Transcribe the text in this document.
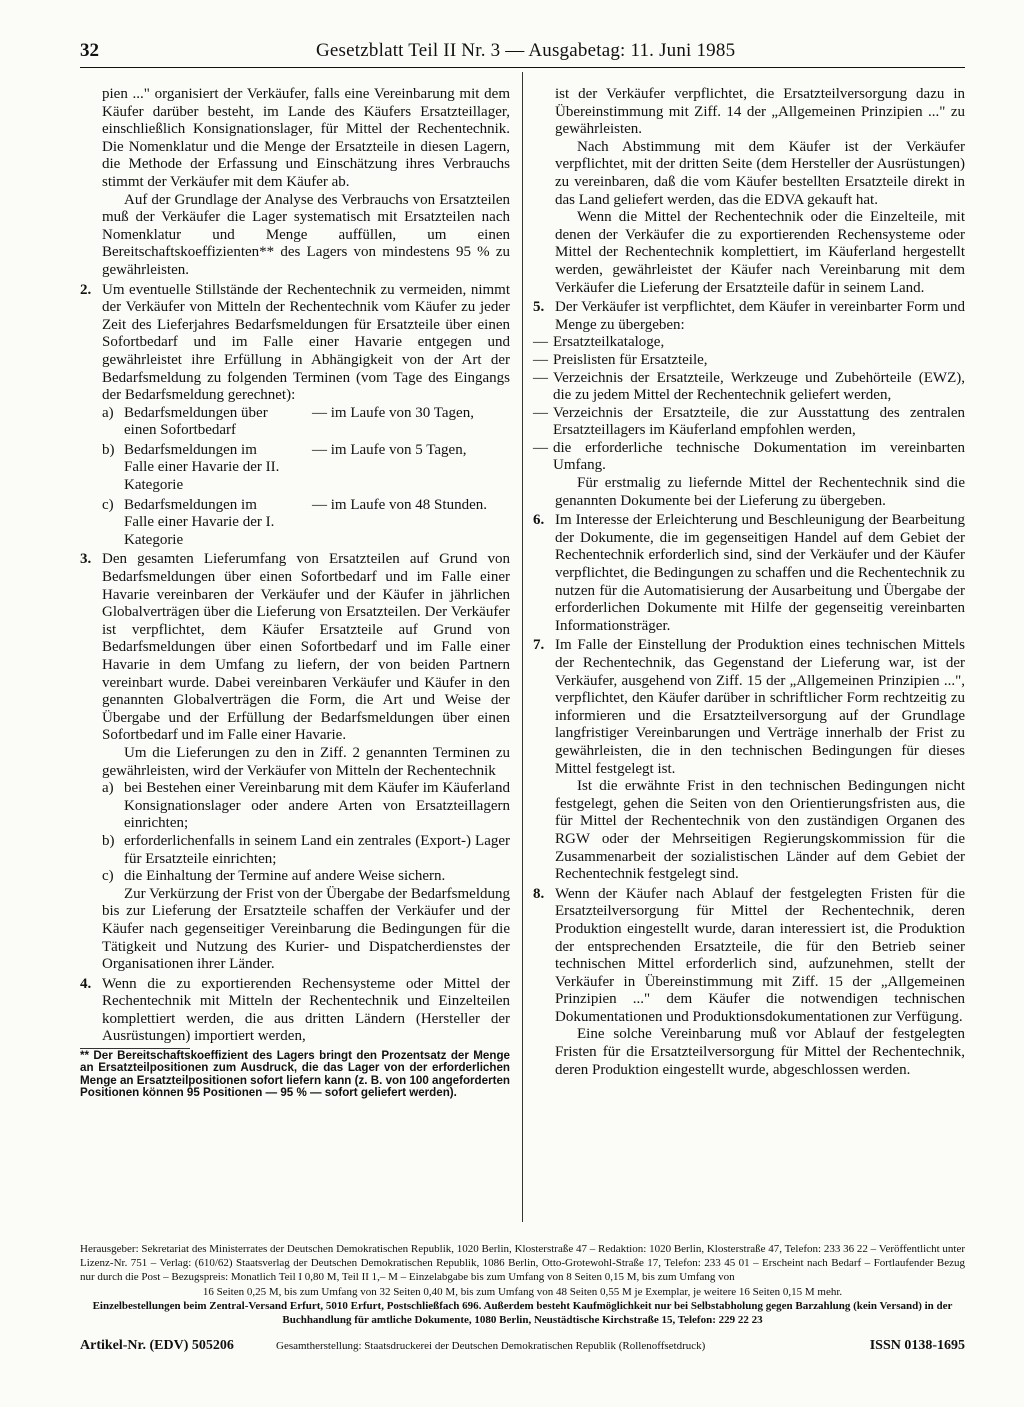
32	Gesetzblatt Teil II Nr. 3 — Ausgabetag: 11. Juni 1985

pien ..." organisiert der Verkäufer, falls eine Vereinbarung mit dem Käufer darüber besteht, im Lande des Käufers Ersatzteillager, einschließlich Konsignationslager, für Mittel der Rechentechnik. Die Nomenklatur und die Menge der Ersatzteile in diesen Lagern, die Methode der Erfassung und Einschätzung ihres Verbrauchs stimmt der Verkäufer mit dem Käufer ab.

Auf der Grundlage der Analyse des Verbrauchs von Ersatzteilen muß der Verkäufer die Lager systematisch mit Ersatzteilen nach Nomenklatur und Menge auffüllen, um einen Bereitschaftskoeffizienten** des Lagers von mindestens 95 % zu gewährleisten.

2. Um eventuelle Stillstände der Rechentechnik zu vermeiden, nimmt der Verkäufer von Mitteln der Rechentechnik vom Käufer zu jeder Zeit des Lieferjahres Bedarfsmeldungen für Ersatzteile über einen Sofortbedarf und im Falle einer Havarie entgegen und gewährleistet ihre Erfüllung in Abhängigkeit von der Art der Bedarfsmeldung zu folgenden Terminen (vom Tage des Eingangs der Bedarfsmeldung gerechnet):

a) Bedarfsmeldungen über einen Sofortbedarf
— im Laufe von 30 Tagen,
b) Bedarfsmeldungen im Falle einer Havarie der II. Kategorie
— im Laufe von 5 Tagen,
c) Bedarfsmeldungen im Falle einer Havarie der I. Kategorie
— im Laufe von 48 Stunden.
3. Den gesamten Lieferumfang von Ersatzteilen auf Grund von Bedarfsmeldungen über einen Sofortbedarf und im Falle einer Havarie vereinbaren der Verkäufer und der Käufer in jährlichen Globalverträgen über die Lieferung von Ersatzteilen. Der Verkäufer ist verpflichtet, dem Käufer Ersatzteile auf Grund von Bedarfsmeldungen über einen Sofortbedarf und im Falle einer Havarie in dem Umfang zu liefern, der von beiden Partnern vereinbart wurde. Dabei vereinbaren Verkäufer und Käufer in den genannten Globalverträgen die Form, die Art und Weise der Übergabe und der Erfüllung der Bedarfsmeldungen über einen Sofortbedarf und im Falle einer Havarie.

Um die Lieferungen zu den in Ziff. 2 genannten Terminen zu gewährleisten, wird der Verkäufer von Mitteln der Rechentechnik

a) bei Bestehen einer Vereinbarung mit dem Käufer im Käuferland Konsignationslager oder andere Arten von Ersatzteillagern einrichten;

b) erforderlichenfalls in seinem Land ein zentrales (Export-) Lager für Ersatzteile einrichten;

c) die Einhaltung der Termine auf andere Weise sichern.

Zur Verkürzung der Frist von der Übergabe der Bedarfsmeldung bis zur Lieferung der Ersatzteile schaffen der Verkäufer und der Käufer nach gegenseitiger Vereinbarung die Bedingungen für die Tätigkeit und Nutzung des Kurier- und Dispatcherdienstes der Organisationen ihrer Länder.

4. Wenn die zu exportierenden Rechensysteme oder Mittel der Rechentechnik mit Mitteln der Rechentechnik und Einzelteilen komplettiert werden, die aus dritten Ländern (Hersteller der Ausrüstungen) importiert werden,

** Der Bereitschaftskoeffizient des Lagers bringt den Prozentsatz der Menge an Ersatzteilpositionen zum Ausdruck, die das Lager von der erforderlichen Menge an Ersatzteilpositionen sofort liefern kann (z. B. von 100 angeforderten Positionen können 95 Positionen — 95 % — sofort geliefert werden).

ist der Verkäufer verpflichtet, die Ersatzteilversorgung dazu in Übereinstimmung mit Ziff. 14 der „Allgemeinen Prinzipien ..." zu gewährleisten.

Nach Abstimmung mit dem Käufer ist der Verkäufer verpflichtet, mit der dritten Seite (dem Hersteller der Ausrüstungen) zu vereinbaren, daß die vom Käufer bestellten Ersatzteile direkt in das Land geliefert werden, das die EDVA gekauft hat.

Wenn die Mittel der Rechentechnik oder die Einzelteile, mit denen der Verkäufer die zu exportierenden Rechensysteme oder Mittel der Rechentechnik komplettiert, im Käuferland hergestellt werden, gewährleistet der Käufer nach Vereinbarung mit dem Verkäufer die Lieferung der Ersatzteile dafür in seinem Land.

5. Der Verkäufer ist verpflichtet, dem Käufer in vereinbarter Form und Menge zu übergeben:

— Ersatzteilkataloge,

— Preislisten für Ersatzteile,

— Verzeichnis der Ersatzteile, Werkzeuge und Zubehörteile (EWZ), die zu jedem Mittel der Rechentechnik geliefert werden,

— Verzeichnis der Ersatzteile, die zur Ausstattung des zentralen Ersatzteillagers im Käuferland empfohlen werden,

— die erforderliche technische Dokumentation im vereinbarten Umfang.

Für erstmalig zu liefernde Mittel der Rechentechnik sind die genannten Dokumente bei der Lieferung zu übergeben.

6. Im Interesse der Erleichterung und Beschleunigung der Bearbeitung der Dokumente, die im gegenseitigen Handel auf dem Gebiet der Rechentechnik erforderlich sind, sind der Verkäufer und der Käufer verpflichtet, die Bedingungen zu schaffen und die Rechentechnik zu nutzen für die Automatisierung der Ausarbeitung und Übergabe der erforderlichen Dokumente mit Hilfe der gegenseitig vereinbarten Informationsträger.

7. Im Falle der Einstellung der Produktion eines technischen Mittels der Rechentechnik, das Gegenstand der Lieferung war, ist der Verkäufer, ausgehend von Ziff. 15 der „Allgemeinen Prinzipien ...", verpflichtet, den Käufer darüber in schriftlicher Form rechtzeitig zu informieren und die Ersatzteilversorgung auf der Grundlage langfristiger Vereinbarungen und Verträge innerhalb der Frist zu gewährleisten, die in den technischen Bedingungen für dieses Mittel festgelegt ist.

Ist die erwähnte Frist in den technischen Bedingungen nicht festgelegt, gehen die Seiten von den Orientierungsfristen aus, die für Mittel der Rechentechnik von den zuständigen Organen des RGW oder der Mehrseitigen Regierungskommission für die Zusammenarbeit der sozialistischen Länder auf dem Gebiet der Rechentechnik festgelegt sind.

8. Wenn der Käufer nach Ablauf der festgelegten Fristen für die Ersatzteilversorgung für Mittel der Rechentechnik, deren Produktion eingestellt wurde, daran interessiert ist, die Produktion der entsprechenden Ersatzteile, die für den Betrieb seiner technischen Mittel erforderlich sind, aufzunehmen, stellt der Verkäufer in Übereinstimmung mit Ziff. 15 der „Allgemeinen Prinzipien ..." dem Käufer die notwendigen technischen Dokumentationen und Produktionsdokumentationen zur Verfügung.

Eine solche Vereinbarung muß vor Ablauf der festgelegten Fristen für die Ersatzteilversorgung für Mittel der Rechentechnik, deren Produktion eingestellt wurde, abgeschlossen werden.

Herausgeber: Sekretariat des Ministerrates der Deutschen Demokratischen Republik, 1020 Berlin, Klosterstraße 47 – Redaktion: 1020 Berlin, Klosterstraße 47, Telefon: 233 36 22 – Veröffentlicht unter Lizenz-Nr. 751 – Verlag: (610/62) Staatsverlag der Deutschen Demokratischen Republik, 1086 Berlin, Otto-Grotewohl-Straße 17, Telefon: 233 45 01 – Erscheint nach Bedarf – Fortlaufender Bezug nur durch die Post – Bezugspreis: Monatlich Teil I 0,80 M, Teil II 1,– M – Einzelabgabe bis zum Umfang von 8 Seiten 0,15 M, bis zum Umfang von

16 Seiten 0,25 M, bis zum Umfang von 32 Seiten 0,40 M, bis zum Umfang von 48 Seiten 0,55 M je Exemplar, je weitere 16 Seiten 0,15 M mehr.

Einzelbestellungen beim Zentral-Versand Erfurt, 5010 Erfurt, Postschließfach 696. Außerdem besteht Kaufmöglichkeit nur bei Selbstabholung gegen Barzahlung (kein Versand) in der

Buchhandlung für amtliche Dokumente, 1080 Berlin, Neustädtische Kirchstraße 15, Telefon: 229 22 23

Artikel-Nr. (EDV) 505206	Gesamtherstellung: Staatsdruckerei der Deutschen Demokratischen Republik (Rollenoffsetdruck)	ISSN 0138-1695
